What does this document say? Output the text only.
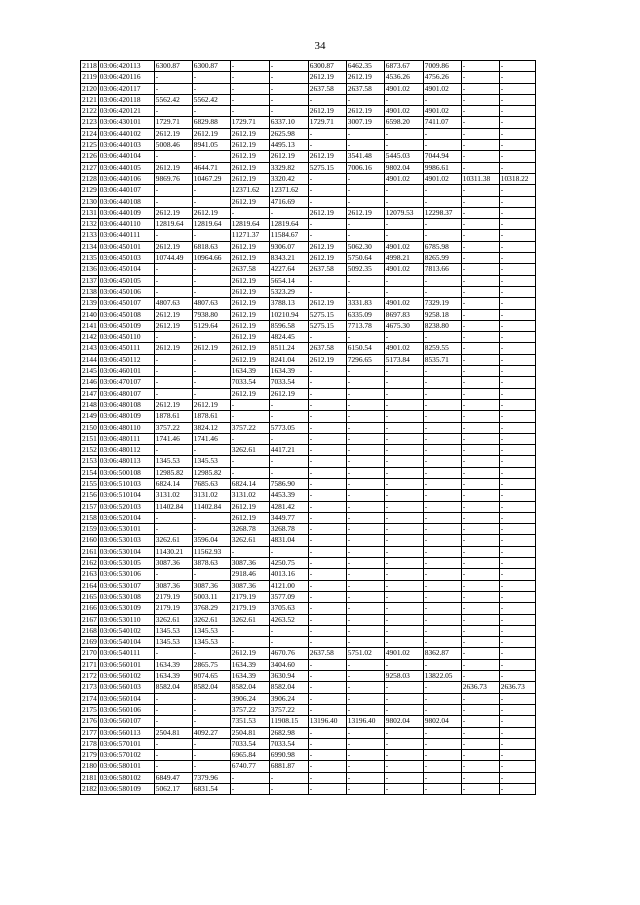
34
2118	03:06:420113	6300.87	6300.87	-	-	6300.87	6462.35	6873.67	7009.86	-	-
2119	03:06:420116	-	-	-	-	2612.19	2612.19	4536.26	4756.26	-	-
2120	03:06:420117	-	-	-	-	2637.58	2637.58	4901.02	4901.02	-	-
2121	03:06:420118	5562.42	5562.42	-	-	-	-	-	-	-	-
2122	03:06:420121	-	-	-	-	2612.19	2612.19	4901.02	4901.02	-	-
2123	03:06:430101	1729.71	6829.88	1729.71	6337.10	1729.71	3007.19	6598.20	7411.07	-	-
2124	03:06:440102	2612.19	2612.19	2612.19	2625.98	-	-	-	-	-	-
2125	03:06:440103	5008.46	8941.05	2612.19	4495.13	-	-	-	-	-	-
2126	03:06:440104	-	-	2612.19	2612.19	2612.19	3541.48	5445.03	7044.94	-	-
2127	03:06:440105	2612.19	4644.71	2612.19	3329.82	5275.15	7006.16	9802.04	9986.61	-	-
2128	03:06:440106	9869.76	10467.29	2612.19	3320.42	-	-	4901.02	4901.02	10311.38	10318.22
2129	03:06:440107	-	-	12371.62	12371.62	-	-	-	-	-	-
2130	03:06:440108	-	-	2612.19	4716.69	-	-	-	-	-	-
2131	03:06:440109	2612.19	2612.19	-	-	2612.19	2612.19	12079.53	12298.37	-	-
2132	03:06:440110	12819.64	12819.64	12819.64	12819.64	-	-	-	-	-	-
2133	03:06:440111	-	-	11271.37	11584.67	-	-	-	-	-	-
2134	03:06:450101	2612.19	6818.63	2612.19	9306.07	2612.19	5062.30	4901.02	6785.98	-	-
2135	03:06:450103	10744.49	10964.66	2612.19	8343.21	2612.19	5750.64	4998.21	8265.99	-	-
2136	03:06:450104	-	-	2637.58	4227.64	2637.58	5092.35	4901.02	7813.66	-	-
2137	03:06:450105	-	-	2612.19	5654.14	-	-	-	-	-	-
2138	03:06:450106	-	-	2612.19	5323.29	-	-	-	-	-	-
2139	03:06:450107	4807.63	4807.63	2612.19	3788.13	2612.19	3331.83	4901.02	7329.19	-	-
2140	03:06:450108	2612.19	7938.80	2612.19	10210.94	5275.15	6335.09	8697.83	9258.18	-	-
2141	03:06:450109	2612.19	5129.64	2612.19	8596.58	5275.15	7713.78	4675.30	8238.80	-	-
2142	03:06:450110	-	-	2612.19	4824.45	-	-	-	-	-	-
2143	03:06:450111	2612.19	2612.19	2612.19	8511.24	2637.58	6150.54	4901.02	8259.55	-	-
2144	03:06:450112	-	-	2612.19	8241.04	2612.19	7296.65	5173.84	8535.71	-	-
2145	03:06:460101	-	-	1634.39	1634.39	-	-	-	-	-	-
2146	03:06:470107	-	-	7033.54	7033.54	-	-	-	-	-	-
2147	03:06:480107	-	-	2612.19	2612.19	-	-	-	-	-	-
2148	03:06:480108	2612.19	2612.19	-	-	-	-	-	-	-	-
2149	03:06:480109	1878.61	1878.61	-	-	-	-	-	-	-	-
2150	03:06:480110	3757.22	3824.12	3757.22	5773.05	-	-	-	-	-	-
2151	03:06:480111	1741.46	1741.46	-	-	-	-	-	-	-	-
2152	03:06:480112	-	-	3262.61	4417.21	-	-	-	-	-	-
2153	03:06:480113	1345.53	1345.53	-	-	-	-	-	-	-	-
2154	03:06:500108	12985.82	12985.82	-	-	-	-	-	-	-	-
2155	03:06:510103	6824.14	7685.63	6824.14	7586.90	-	-	-	-	-	-
2156	03:06:510104	3131.02	3131.02	3131.02	4453.39	-	-	-	-	-	-
2157	03:06:520103	11402.84	11402.84	2612.19	4281.42	-	-	-	-	-	-
2158	03:06:520104	-	-	2612.19	3449.77	-	-	-	-	-	-
2159	03:06:530101	-	-	3268.78	3268.78	-	-	-	-	-	-
2160	03:06:530103	3262.61	3596.04	3262.61	4831.04	-	-	-	-	-	-
2161	03:06:530104	11430.21	11562.93	-	-	-	-	-	-	-	-
2162	03:06:530105	3087.36	3878.63	3087.36	4250.75	-	-	-	-	-	-
2163	03:06:530106	-	-	2918.46	4013.16	-	-	-	-	-	-
2164	03:06:530107	3087.36	3087.36	3087.36	4121.00	-	-	-	-	-	-
2165	03:06:530108	2179.19	5003.11	2179.19	3577.09	-	-	-	-	-	-
2166	03:06:530109	2179.19	3768.29	2179.19	3705.63	-	-	-	-	-	-
2167	03:06:530110	3262.61	3262.61	3262.61	4263.52	-	-	-	-	-	-
2168	03:06:540102	1345.53	1345.53	-	-	-	-	-	-	-	-
2169	03:06:540104	1345.53	1345.53	-	-	-	-	-	-	-	-
2170	03:06:540111	-	-	2612.19	4670.76	2637.58	5751.02	4901.02	8362.87	-	-
2171	03:06:560101	1634.39	2865.75	1634.39	3404.60	-	-	-	-	-	-
2172	03:06:560102	1634.39	9074.65	1634.39	3630.94	-	-	9258.03	13822.05	-	-
2173	03:06:560103	8582.04	8582.04	8582.04	8582.04	-	-	-	-	2636.73	2636.73
2174	03:06:560104	-	-	3906.24	3906.24	-	-	-	-	-	-
2175	03:06:560106	-	-	3757.22	3757.22	-	-	-	-	-	-
2176	03:06:560107	-	-	7351.53	11908.15	13196.40	13196.40	9802.04	9802.04	-	-
2177	03:06:560113	2504.81	4092.27	2504.81	2682.98	-	-	-	-	-	-
2178	03:06:570101	-	-	7033.54	7033.54	-	-	-	-	-	-
2179	03:06:570102	-	-	6965.84	6990.98	-	-	-	-	-	-
2180	03:06:580101	-	-	6740.77	6881.87	-	-	-	-	-	-
2181	03:06:580102	6849.47	7379.96	-	-	-	-	-	-	-	-
2182	03:06:580109	5062.17	6831.54	-	-	-	-	-	-	-	-
